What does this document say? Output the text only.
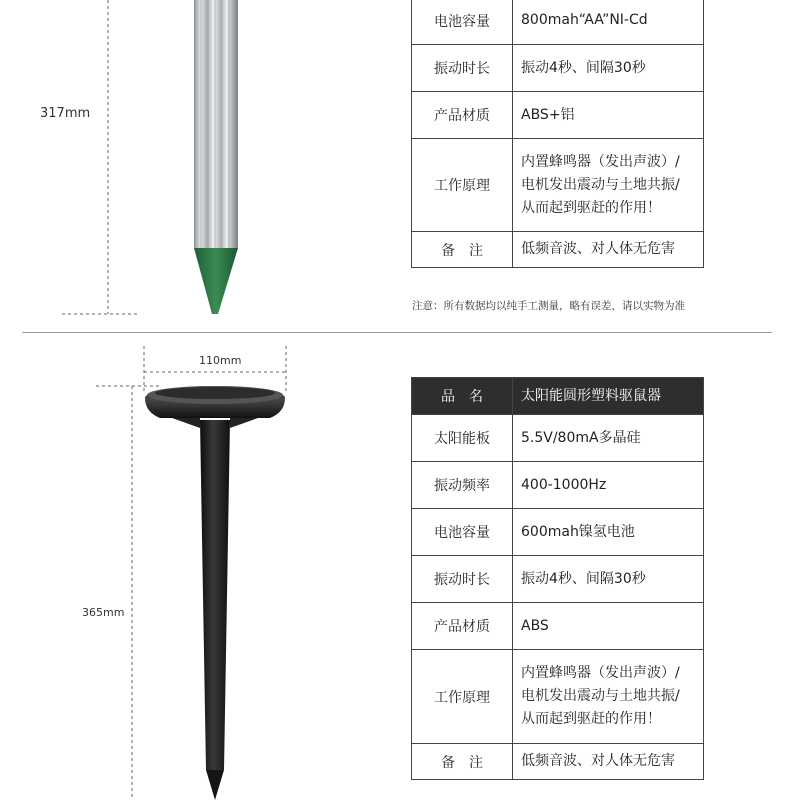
317mm
110mm
365mm
电池容量	800mah“AA”NI-Cd
振动时长	振动4秒、间隔30秒
产品材质	ABS+铝
工作原理	内置蜂鸣器（发出声波）/
电机发出震动与土地共振/
从而起到驱赶的作用！

备　注	低频音波、对人体无危害
注意：所有数据均以纯手工测量，略有误差，请以实物为准
品　名	太阳能圆形塑料驱鼠器
太阳能板	5.5V/80mA多晶硅
振动频率	400-1000Hz
电池容量	600mah镍氢电池
振动时长	振动4秒、间隔30秒
产品材质	ABS
工作原理	内置蜂鸣器（发出声波）/
电机发出震动与土地共振/
从而起到驱赶的作用！

备　注	低频音波、对人体无危害
